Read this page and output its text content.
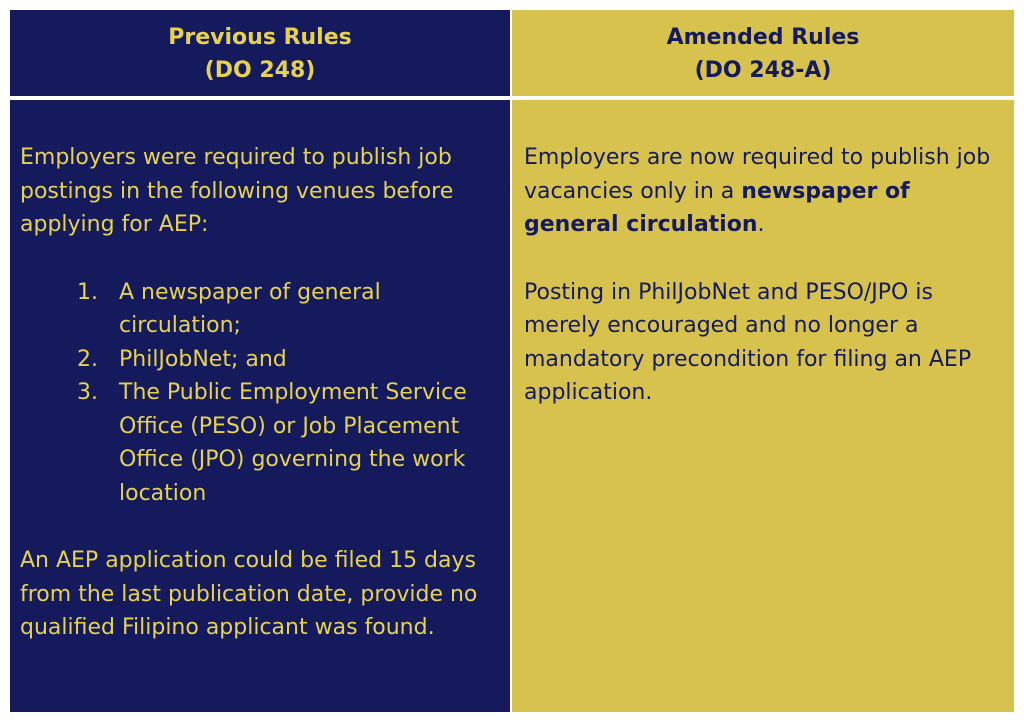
Previous Rules
(DO 248)
Amended Rules
(DO 248-A)

Employers were required to publish job postings in the following venues before applying for AEP:

1. A newspaper of general circulation;
2. PhilJobNet; and
3. The Public Employment Service Office (PESO) or Job Placement Office (JPO) governing the work location

An AEP application could be filed 15 days from the last publication date, provide no qualified Filipino applicant was found.

Employers are now required to publish job vacancies only in a newspaper of general circulation.

Posting in PhilJobNet and PESO/JPO is merely encouraged and no longer a mandatory precondition for filing an AEP application.
